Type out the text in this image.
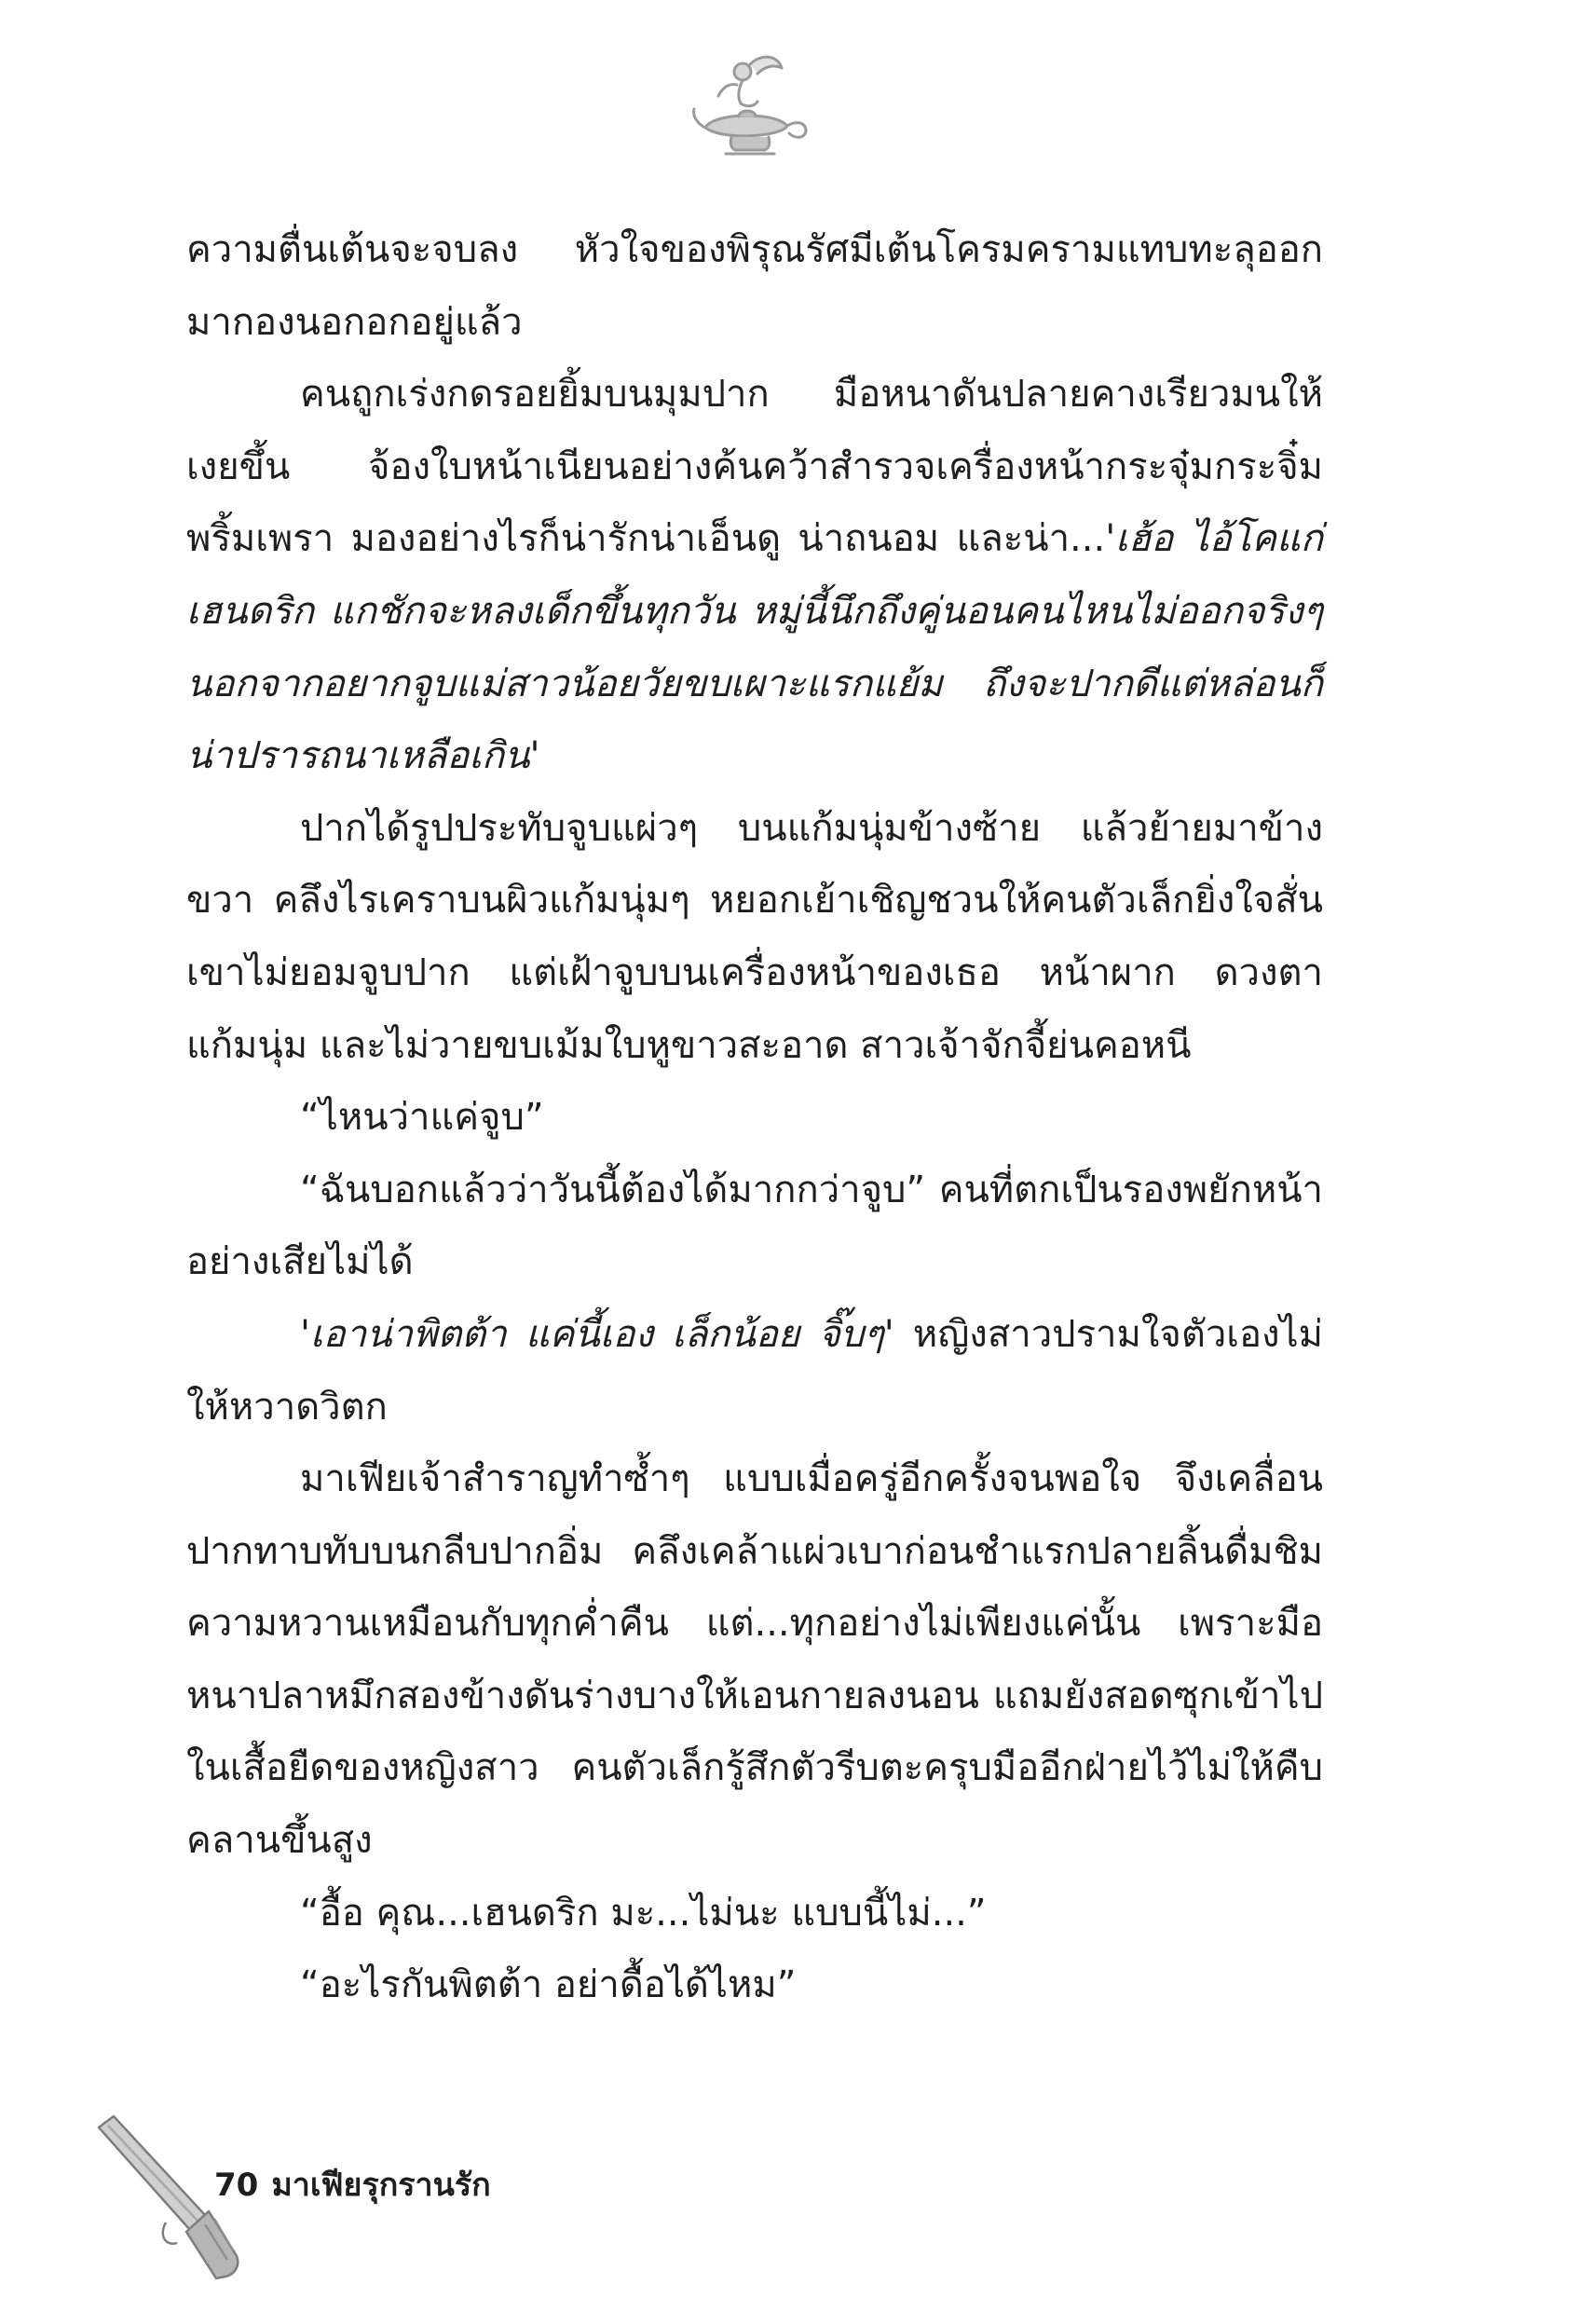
ความตื่นเต้นจะจบลง หัวใจของพิรุณรัศมีเต้นโครมครามแทบทะลุออกมากองนอกอกอยู่แล้ว

คนถูกเร่งกดรอยยิ้มบนมุมปาก มือหนาดันปลายคางเรียวมนให้เงยขึ้น จ้องใบหน้าเนียนอย่างค้นคว้าสำรวจเครื่องหน้ากระจุ๋มกระจิ๋มพริ้มเพรา มองอย่างไรก็น่ารักน่าเอ็นดู น่าถนอม และน่า...'เฮ้อ ไอ้โคแก่เฮนดริก แกชักจะหลงเด็กขึ้นทุกวัน หมู่นี้นึกถึงคู่นอนคนไหนไม่ออกจริงๆ นอกจากอยากจูบแม่สาวน้อยวัยขบเผาะแรกแย้ม ถึงจะปากดีแต่หล่อนก็น่าปรารถนาเหลือเกิน'

ปากได้รูปประทับจูบแผ่วๆ บนแก้มนุ่มข้างซ้าย แล้วย้ายมาข้างขวา คลึงไรเคราบนผิวแก้มนุ่มๆ หยอกเย้าเชิญชวนให้คนตัวเล็กยิ่งใจสั่น เขาไม่ยอมจูบปาก แต่เฝ้าจูบบนเครื่องหน้าของเธอ หน้าผาก ดวงตา แก้มนุ่ม และไม่วายขบเม้มใบหูขาวสะอาด สาวเจ้าจักจี้ย่นคอหนี

“ไหนว่าแค่จูบ”

“ฉันบอกแล้วว่าวันนี้ต้องได้มากกว่าจูบ” คนที่ตกเป็นรองพยักหน้าอย่างเสียไม่ได้

'เอาน่าพิตต้า แค่นี้เอง เล็กน้อย จิ๊บๆ' หญิงสาวปรามใจตัวเองไม่ให้หวาดวิตก

มาเฟียเจ้าสำราญทำซ้ำๆ แบบเมื่อครู่อีกครั้งจนพอใจ จึงเคลื่อนปากทาบทับบนกลีบปากอิ่ม คลึงเคล้าแผ่วเบาก่อนชำแรกปลายลิ้นดื่มชิมความหวานเหมือนกับทุกค่ำคืน แต่...ทุกอย่างไม่เพียงแค่นั้น เพราะมือหนาปลาหมึกสองข้างดันร่างบางให้เอนกายลงนอน แถมยังสอดซุกเข้าไปในเสื้อยืดของหญิงสาว คนตัวเล็กรู้สึกตัวรีบตะครุบมืออีกฝ่ายไว้ไม่ให้คืบคลานขึ้นสูง

“อื้อ คุณ...เฮนดริก มะ...ไม่นะ แบบนี้ไม่...”

“อะไรกันพิตต้า อย่าดื้อได้ไหม”

70 มาเฟียรุกรานรัก
